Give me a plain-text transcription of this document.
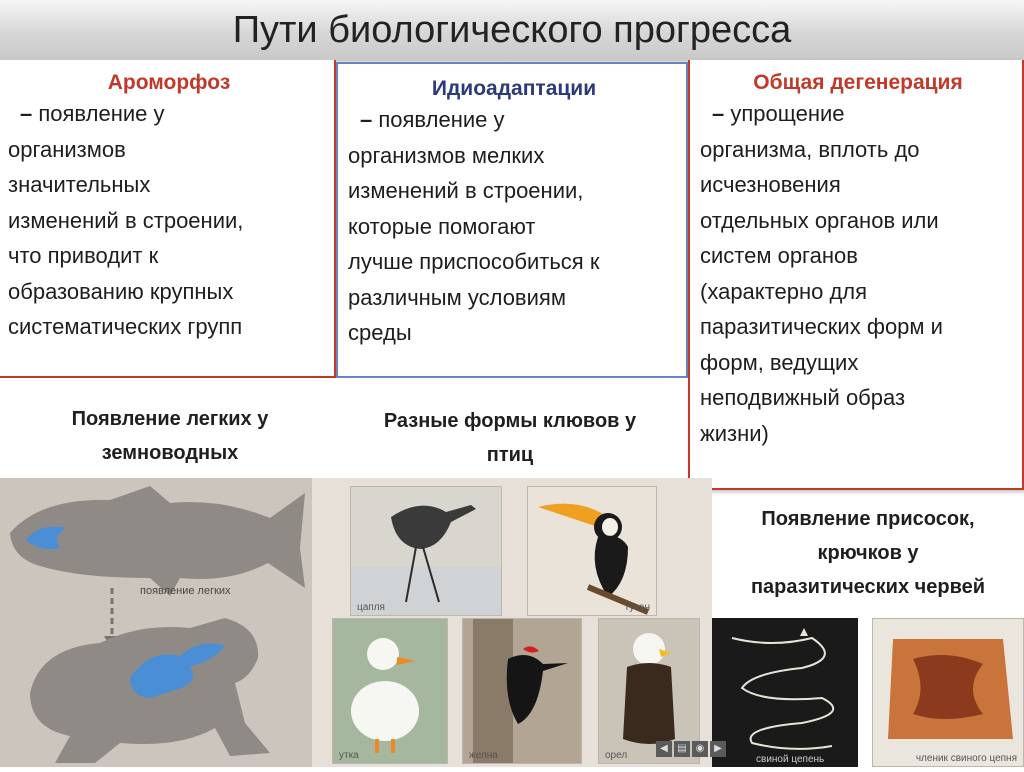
Пути биологического прогресса
Ароморфоз
– появление у
организмов
значительных
изменений в строении,
что приводит к
образованию крупных
систематических групп
Идиоадаптации
– появление у
организмов мелких
изменений в строении,
которые помогают
лучше приспособиться к
различным условиям
среды
Общая дегенерация
– упрощение
организма, вплоть до
исчезновения
отдельных органов или
систем органов
(характерно для
паразитических форм и
форм, ведущих
неподвижный образ
жизни)
Появление легких у
земноводных
Разные формы клювов у
птиц
Появление присосок,
крючков у
паразитических червей
появление легких
цапля	тукан
утка	желна	орел	свиной цепень	членик свиного цепня
◀ ▤ ◉ ▶
